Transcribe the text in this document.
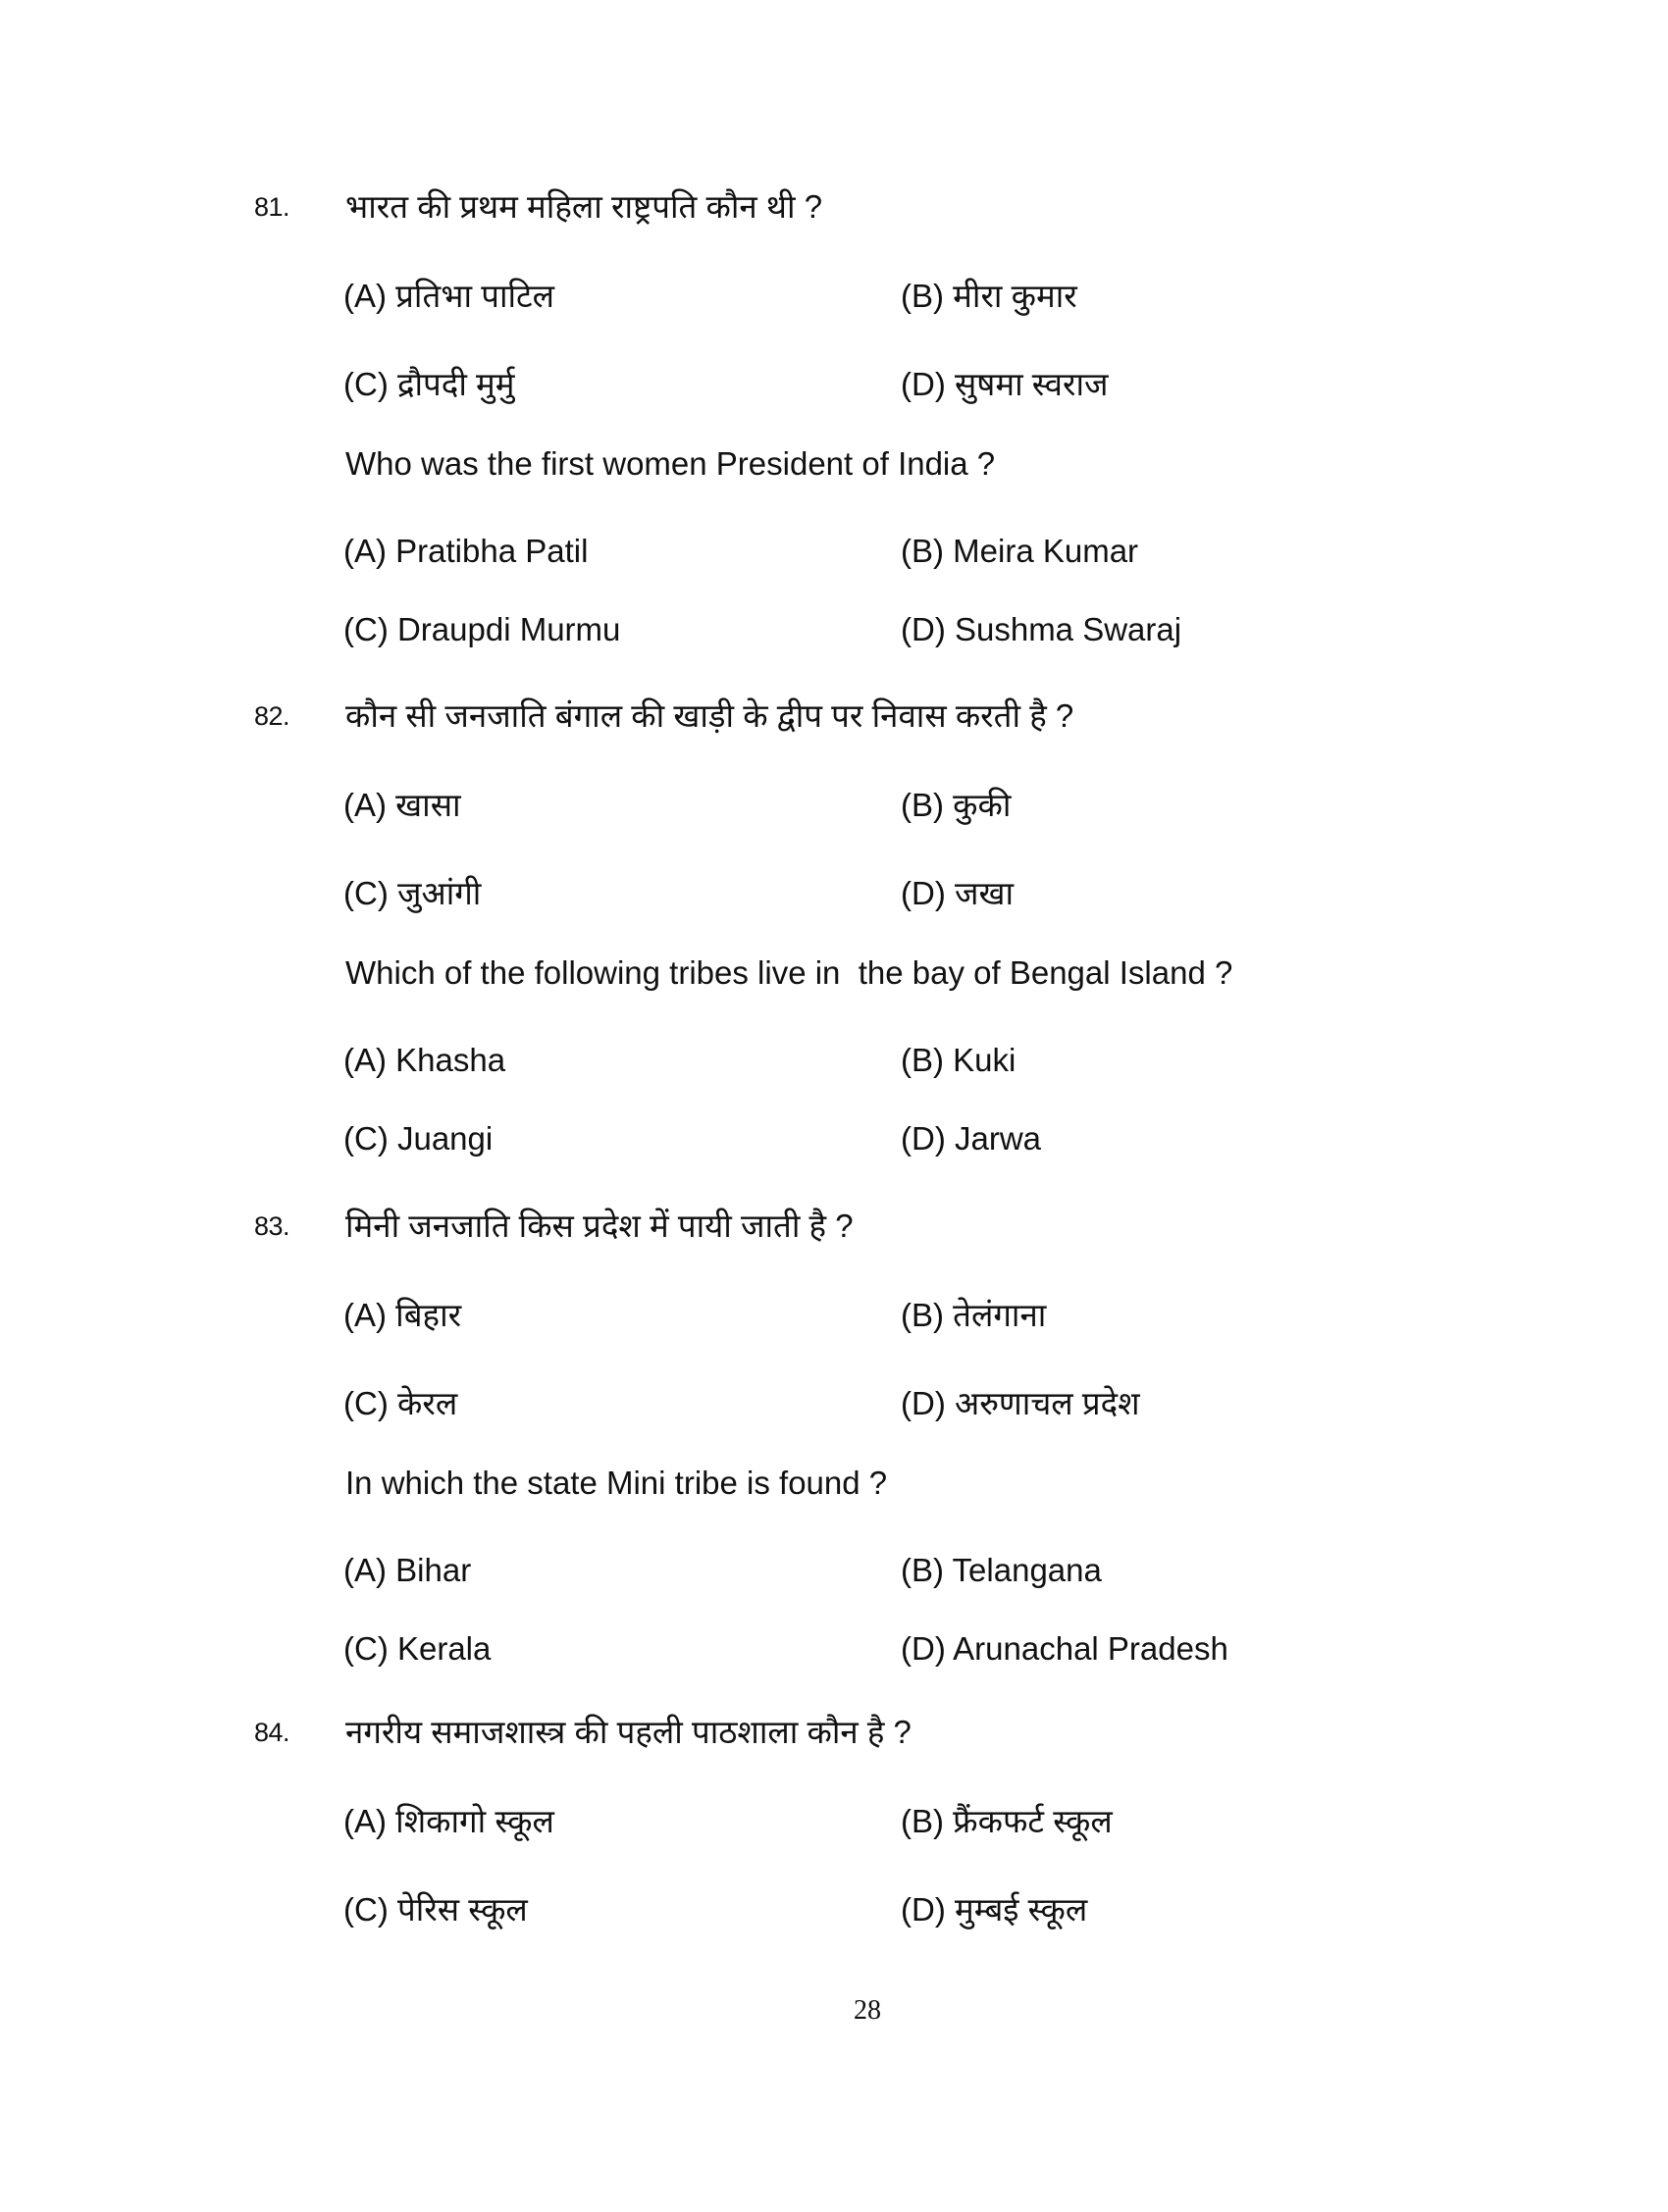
81.

भारत की प्रथम महिला राष्ट्रपति कौन थी ?

(A) प्रतिभा पाटिल

	(B) मीरा कुमार

(C) द्रौपदी मुर्मु

	(D) सुषमा स्वराज

Who was the first women President of India ?

(A) Pratibha Patil

	(B) Meira Kumar

(C) Draupdi Murmu

	(D) Sushma Swaraj

82.

कौन सी जनजाति बंगाल की खाड़ी के द्वीप पर निवास करती है ?

(A) खासा

	(B) कुकी

(C) जुआंगी

	(D) जखा

Which of the following tribes live in  the bay of Bengal Island ?

(A) Khasha

	(B) Kuki

(C) Juangi

	(D) Jarwa

83.

मिनी जनजाति किस प्रदेश में पायी जाती है ?

(A) बिहार

	(B) तेलंगाना

(C) केरल

	(D) अरुणाचल प्रदेश

In which the state Mini tribe is found ?

(A) Bihar

	(B) Telangana

(C) Kerala

	(D) Arunachal Pradesh

84.

नगरीय समाजशास्त्र की पहली पाठशाला कौन है ?

(A) शिकागो स्कूल

	(B) फ्रैंकफर्ट स्कूल

(C) पेरिस स्कूल

	(D) मुम्बई स्कूल

28
